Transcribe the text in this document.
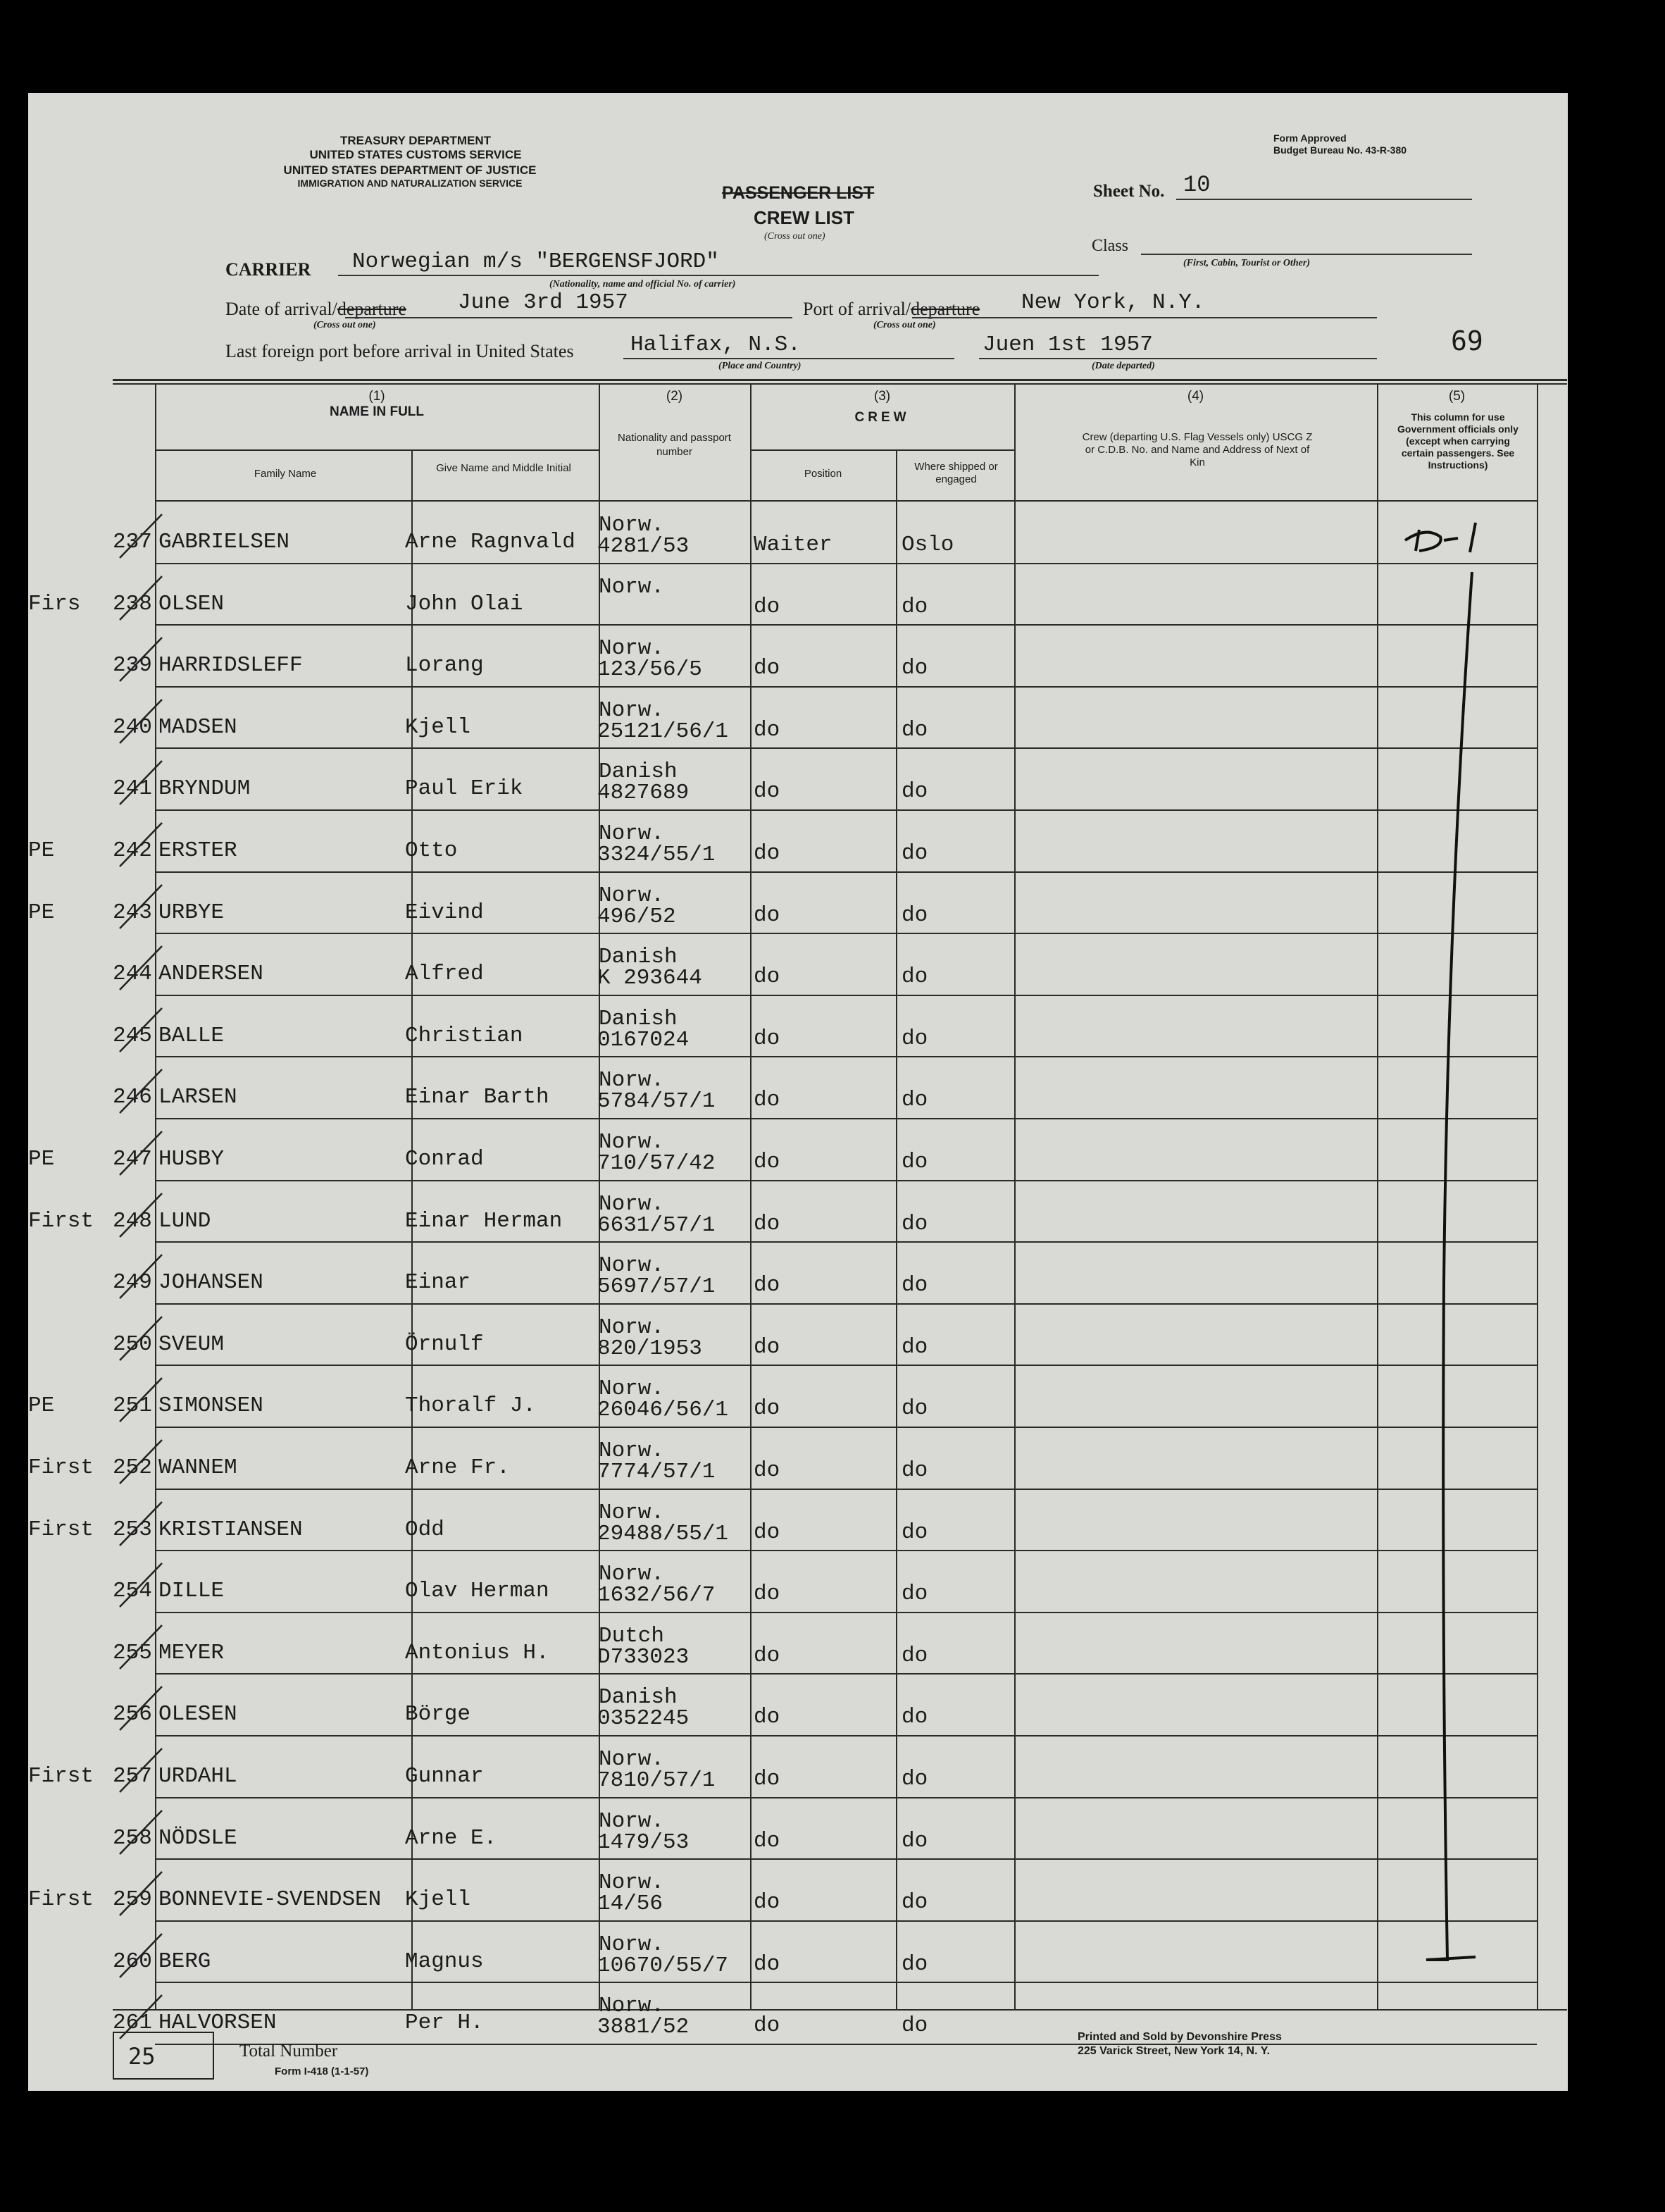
TREASURY DEPARTMENT
UNITED STATES CUSTOMS SERVICE
UNITED STATES DEPARTMENT OF JUSTICE
IMMIGRATION AND NATURALIZATION SERVICE
Form Approved
Budget Bureau No. 43-R-380
PASSENGER LIST
CREW LIST
(Cross out one)
Sheet No. 10
Class
(First, Cabin, Tourist or Other)
CARRIER Norwegian m/s "BERGENSFJORD"
(Nationality, name and official No. of carrier)
Date of arrival/departure June 3rd 1957
(Cross out one)
Port of arrival/departure New York, N.Y.
(Cross out one)
Last foreign port before arrival in United States	Halifax, N.S.
(Place and Country)
Juen 1st 1957
(Date departed)
69
(1)
NAME IN FULL
Family Name	Give Name and Middle Initial
(2)
Nationality and passport number
(3)
CREW
Position
Where shipped or engaged
(4)
Crew (departing U.S. Flag Vessels only) USCG Z or C.D.B. No. and Name and Address of Next of Kin
(5)
This column for use Government officials only (except when carrying certain passengers. See Instructions)
237 GABRIELSEN	Arne Ragnvald
Norw.
4281/53	Waiter	Oslo
Firs 238 OLSEN	John Olai
Norw.
do	do
239 HARRIDSLEFF	Lorang
Norw.
123/56/5 do	do
240 MADSEN	Kjell
Norw.
25121/56/1 do	do
241 BRYNDUM	Paul Erik
Danish
4827689	do	do
PE	242 ERSTER	Otto
Norw.
3324/55/1 do	do
PE	243 URBYE	Eivind
Norw.
496/52	do	do
244 ANDERSEN	Alfred
Danish
K 293644 do	do
245 BALLE	Christian
Danish
0167024	do	do
246 LARSEN	Einar Barth
Norw.
5784/57/1 do	do
PE	247 HUSBY	Conrad
Norw.
710/57/42 do	do
First 248 LUND	Einar Herman
Norw.
6631/57/1 do	do
249 JOHANSEN	Einar
Norw.
5697/57/1 do	do
250 SVEUM	Örnulf
Norw.
820/1953 do	do
PE	251 SIMONSEN	Thoralf J.
Norw.
26046/56/1 do	do
First 252 WANNEM	Arne Fr.
Norw.
7774/57/1 do	do
First 253 KRISTIANSEN	Odd
Norw.
29488/55/1 do	do
254 DILLE	Olav Herman
Norw.
1632/56/7 do	do
255 MEYER	Antonius H.
Dutch
D733023	do	do
256 OLESEN	Börge
Danish
0352245	do	do
First 257 URDAHL	Gunnar
Norw.
7810/57/1 do	do
258 NÖDSLE	Arne E.
Norw.
1479/53	do	do
First 259 BONNEVIE-SVENDSEN Kjell
Norw.
14/56	do	do
260 BERG	Magnus
Norw.
10670/55/7 do	do
261 HALVORSEN	Per H.
Norw.
3881/52	do	do
25	Total Number
Form I-418 (1-1-57)
Printed and Sold by Devonshire Press
225 Varick Street, New York 14, N. Y.
